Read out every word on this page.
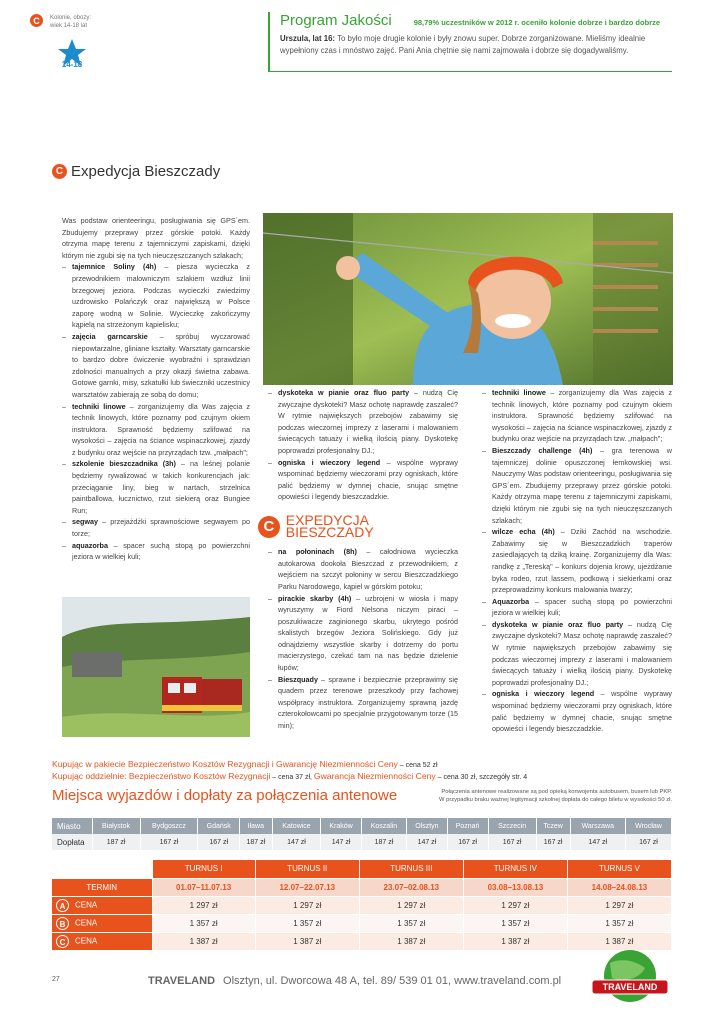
C Kolonie, obozy:
wiek 14-18 lat
14-18
Program Jakości	98,79% uczestników w 2012 r. oceniło kolonie dobrze i bardzo dobrze
Urszula, lat 16: To było moje drugie kolonie i były znowu super. Dobrze zorganizowane. Mieliśmy idealnie wypełniony czas i mnóstwo zajęć. Pani Ania chętnie się nami zajmowała i dobrze się dogadywaliśmy.
C Expedycja Bieszczady
Was podstaw orienteeringu, posługiwania się GPS´em. Zbudujemy przeprawy przez górskie potoki. Każdy otrzyma mapę terenu z tajemniczymi zapiskami, dzięki którym nie zgubi się na tych nieuczęszczanych szlakach;
– tajemnice Soliny (4h) – piesza wycieczka z przewodnikiem malowniczym szlakiem wzdłuż linii brzegowej jeziora. Podczas wycieczki zwiedzimy uzdrowisko Polańczyk oraz największą w Polsce zaporę wodną w Solinie. Wycieczkę zakończymy kąpielą na strzeżonym kąpielisku;
– zajęcia garncarskie – spróbuj wyczarować niepowtarzalne, gliniane kształty. Warsztaty garncarskie to bardzo dobre ćwiczenie wyobraźni i sprawdzian zdolności manualnych a przy okazji świetna zabawa. Gotowe garnki, misy, szkatułki lub świeczniki uczestnicy warsztatów zabierają ze sobą do domu;
– techniki linowe – zorganizujemy dla Was zajęcia z technik linowych, które poznamy pod czujnym okiem instruktora. Sprawność będziemy szlifować na wysokości – zajęcia na ściance wspinaczkowej, zjazdy z budynku oraz wejście na przyrządach tzw. „małpach";
– szkolenie bieszczadnika (3h) – na leśnej polanie będziemy rywalizować w takich konkurencjach jak: przeciąganie liny, bieg w nartach, strzelnica paintballowa, łucznictwo, rzut siekierą oraz Bungiee Run;
– segway – przejażdżki sprawnościowe segwayem po torze;
– aquazorba – spacer suchą stopą po powierzchni jeziora w wielkiej kuli;
– dyskoteka w pianie oraz fluo party – nudzą Cię zwyczajne dyskoteki? Masz ochotę naprawdę zaszaleć? W rytmie największych przebojów zabawimy się podczas wieczornej imprezy z laserami i malowaniem świecących tatuaży i wielką ilością piany. Dyskotekę poprowadzi profesjonalny DJ.;
– ogniska i wieczory legend – wspólne wyprawy wspominać będziemy wieczorami przy ogniskach, które palić będziemy w dymnej chacie, snując smętne opowieści i legendy bieszczadzkie.
C EXPEDYCJA BIESZCZADY
– na połoninach (8h) – całodniowa wycieczka autokarowa dookoła Bieszczad z przewodnikiem, z wejściem na szczyt połoniny w sercu Bieszczadzkiego Parku Narodowego, kąpiel w górskim potoku;
– pirackie skarby (4h) – uzbrojeni w wiosła i mapy wyruszymy w Fiord Nelsona niczym piraci – poszukiwacze zaginionego skarbu, ukrytego pośród skalistych brzegów Jeziora Solińskiego. Gdy już odnajdziemy wszystkie skarby i dotrzemy do portu macierzystego, czekać tam na nas będzie dzielenie łupów;
– Bieszquady – sprawne i bezpiecznie przeprawimy się quadem przez terenowe przeszkody przy fachowej współpracy instruktora. Zorganizujemy sprawną jazdę czterokołowcami po specjalnie przygotowanym torze (15 min);
– techniki linowe – zorganizujemy dla Was zajęcia z technik linowych, które poznamy pod czujnym okiem instruktora. Sprawność będziemy szlifować na wysokości – zajęcia na ściance wspinaczkowej, zjazdy z budynku oraz wejście na przyrządach tzw. „małpach";
– Bieszczady challenge (4h) – gra terenowa w tajemniczej dolinie opuszczonej łemkowskiej wsi. Nauczymy Was podstaw orienteeringu, posługiwania się GPS´em. Zbudujemy przeprawy przez górskie potoki. Każdy otrzyma mapę terenu z tajemniczymi zapiskami, dzięki którym nie zgubi się na tych nieuczęszczanych szlakach;
– wilcze echa (4h) – Dziki Zachód na wschodzie. Zabawimy się w Bieszczadzkich traperów zasiedlających tą dziką krainę. Zorganizujemy dla Was: randkę z „Tereską" – konkurs dojenia krowy, ujeżdżanie byka rodeo, rzut lassem, podkową i siekierkami oraz przeprowadzimy konkurs malowania twarzy;
– Aquazorba – spacer suchą stopą po powierzchni jeziora w wielkiej kuli;
– dyskoteka w pianie oraz fluo party – nudzą Cię zwyczajne dyskoteki? Masz ochotę naprawdę zaszaleć? W rytmie największych przebojów zabawimy się podczas wieczornej imprezy z laserami i malowaniem świecących tatuaży i wielką ilością piany. Dyskotekę poprowadzi profesjonalny DJ.;
– ogniska i wieczory legend – wspólne wyprawy wspominać będziemy wieczorami przy ogniskach, które palić będziemy w dymnej chacie, snując smętne opowieści i legendy bieszczadzkie.
Kupując w pakiecie Bezpieczeństwo Kosztów Rezygnacji i Gwarancję Niezmienności Ceny – cena 52 zł
Kupując oddzielnie: Bezpieczeństwo Kosztów Rezygnacji – cena 37 zł, Gwarancja Niezmienności Ceny – cena 30 zł, szczegóły str. 4
Miejsca wyjazdów i dopłaty za połączenia antenowe	Połączenia antenowe realizowane są pod opieką konwojenta autobusem, busem lub PKP.
W przypadku braku ważnej legitymacji szkolnej dopłata do całego biletu w wysokości 50 zł.
Miasto	Białystok	Bydgoszcz	Gdańsk	Iława	Katowice	Kraków	Koszalin	Olsztyn	Poznań	Szczecin	Tczew	Warszawa	Wrocław
Dopłata	187 zł	167 zł	167 zł	187 zł	147 zł	147 zł	187 zł	147 zł	167 zł	167 zł	167 zł	147 zł	167 zł
	TURNUS I	TURNUS II	TURNUS III	TURNUS IV	TURNUS V
TERMIN	01.07–11.07.13	12.07–22.07.13	23.07–02.08.13	03.08–13.08.13	14.08–24.08.13
A CENA	1 297 zł	1 297 zł	1 297 zł	1 297 zł	1 297 zł
B CENA	1 357 zł	1 357 zł	1 357 zł	1 357 zł	1 357 zł
C CENA	1 387 zł	1 387 zł	1 387 zł	1 387 zł	1 387 zł
27	TRAVELAND Olsztyn, ul. Dworcowa 48 A, tel. 89/ 539 01 01, www.traveland.com.pl	TRAVELAND
